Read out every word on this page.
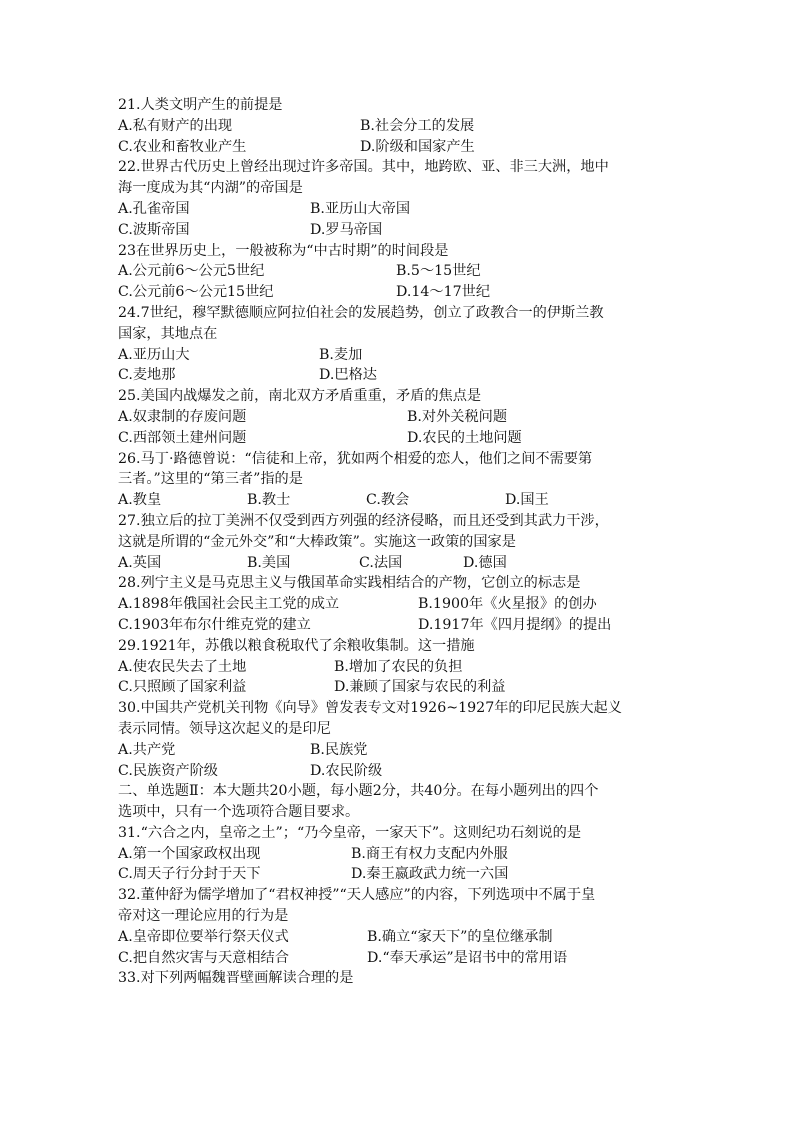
21.人类文明产生的前提是
A.私有财产的出现	B.社会分工的发展
C.农业和畜牧业产生	D.阶级和国家产生
22.世界古代历史上曾经出现过许多帝国。其中，地跨欧、亚、非三大洲，地中
海一度成为其“内湖”的帝国是
A.孔雀帝国	B.亚历山大帝国
C.波斯帝国	D.罗马帝国
23在世界历史上，一般被称为“中古时期”的时间段是
A.公元前6～公元5世纪	B.5～15世纪
C.公元前6～公元15世纪	D.14～17世纪
24.7世纪，穆罕默德顺应阿拉伯社会的发展趋势，创立了政教合一的伊斯兰教
国家，其地点在
A.亚历山大	B.麦加
C.麦地那	D.巴格达
25.美国内战爆发之前，南北双方矛盾重重，矛盾的焦点是
A.奴隶制的存废问题	B.对外关税问题
C.西部领土建州问题	D.农民的土地问题
26.马丁·路德曾说：“信徒和上帝，犹如两个相爱的恋人，他们之间不需要第
三者。”这里的“第三者”指的是
A.教皇	B.教士	C.教会	D.国王
27.独立后的拉丁美洲不仅受到西方列强的经济侵略，而且还受到其武力干涉，
这就是所谓的“金元外交”和“大棒政策”。实施这一政策的国家是
A.英国	B.美国	C.法国	D.德国
28.列宁主义是马克思主义与俄国革命实践相结合的产物，它创立的标志是
A.1898年俄国社会民主工党的成立	B.1900年《火星报》的创办
C.1903年布尔什维克党的建立	D.1917年《四月提纲》的提出
29.1921年，苏俄以粮食税取代了余粮收集制。这一措施
A.使农民失去了土地	B.增加了农民的负担
C.只照顾了国家利益	D.兼顾了国家与农民的利益
30.中国共产党机关刊物《向导》曾发表专文对1926~1927年的印尼民族大起义
表示同情。领导这次起义的是印尼
A.共产党	B.民族党
C.民族资产阶级	D.农民阶级
二、单选题Ⅱ：本大题共20小题，每小题2分，共40分。在每小题列出的四个
选项中，只有一个选项符合题目要求。
31.“六合之内，皇帝之土”；“乃今皇帝，一家天下”。这则纪功石刻说的是
A.第一个国家政权出现	B.商王有权力支配内外服
C.周天子行分封于天下	D.秦王嬴政武力统一六国
32.董仲舒为儒学增加了“君权神授”“天人感应”的内容，下列选项中不属于皇
帝对这一理论应用的行为是
A.皇帝即位要举行祭天仪式	B.确立“家天下”的皇位继承制
C.把自然灾害与天意相结合	D.“奉天承运”是诏书中的常用语
33.对下列两幅魏晋壁画解读合理的是
